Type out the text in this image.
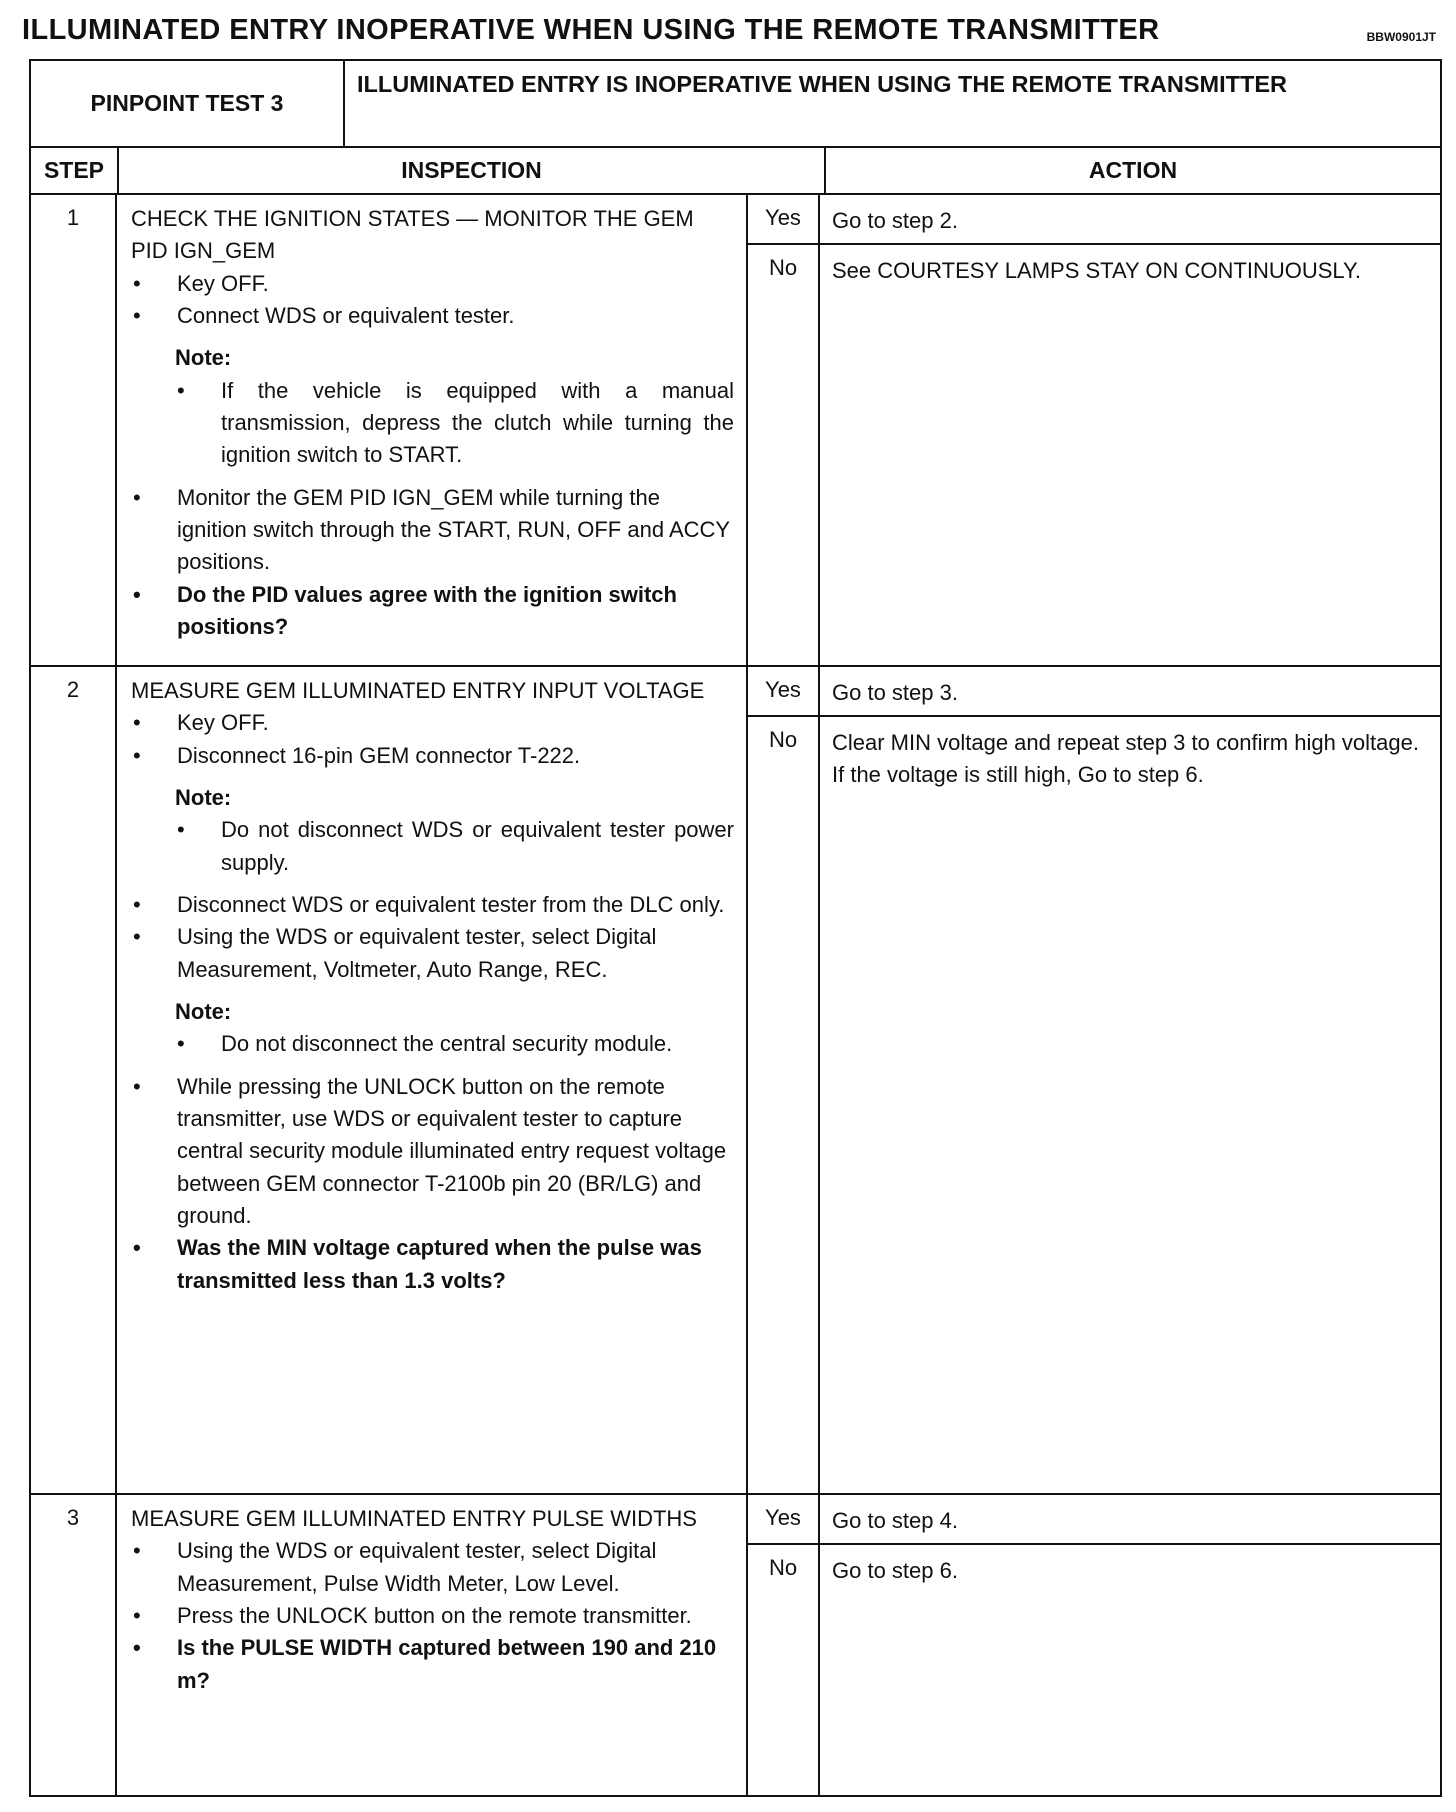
ILLUMINATED ENTRY INOPERATIVE WHEN USING THE REMOTE TRANSMITTER	BBW0901JT
PINPOINT TEST 3
ILLUMINATED ENTRY IS INOPERATIVE WHEN USING THE REMOTE TRANSMITTER
STEP	INSPECTION	ACTION
1	CHECK THE IGNITION STATES — MONITOR THE GEM PID IGN_GEM
• Key OFF.
• Connect WDS or equivalent tester.
Note:
• If the vehicle is equipped with a manual transmission, depress the clutch while turning the ignition switch to START.
• Monitor the GEM PID IGN_GEM while turning the ignition switch through the START, RUN, OFF and ACCY positions.
• Do the PID values agree with the ignition switch positions?
Yes	Go to step 2.
No	See COURTESY LAMPS STAY ON CONTINUOUSLY.
2	MEASURE GEM ILLUMINATED ENTRY INPUT VOLTAGE
• Key OFF.
• Disconnect 16-pin GEM connector T-222.
Note:
• Do not disconnect WDS or equivalent tester power supply.
• Disconnect WDS or equivalent tester from the DLC only.
• Using the WDS or equivalent tester, select Digital Measurement, Voltmeter, Auto Range, REC.
Note:
• Do not disconnect the central security module.
• While pressing the UNLOCK button on the remote transmitter, use WDS or equivalent tester to capture central security module illuminated entry request voltage between GEM connector T-2100b pin 20 (BR/LG) and ground.
• Was the MIN voltage captured when the pulse was transmitted less than 1.3 volts?
Yes	Go to step 3.
No	Clear MIN voltage and repeat step 3 to confirm high voltage. If the voltage is still high, Go to step 6.
3	MEASURE GEM ILLUMINATED ENTRY PULSE WIDTHS
• Using the WDS or equivalent tester, select Digital Measurement, Pulse Width Meter, Low Level.
• Press the UNLOCK button on the remote transmitter.
• Is the PULSE WIDTH captured between 190 and 210 m?
Yes	Go to step 4.
No	Go to step 6.
